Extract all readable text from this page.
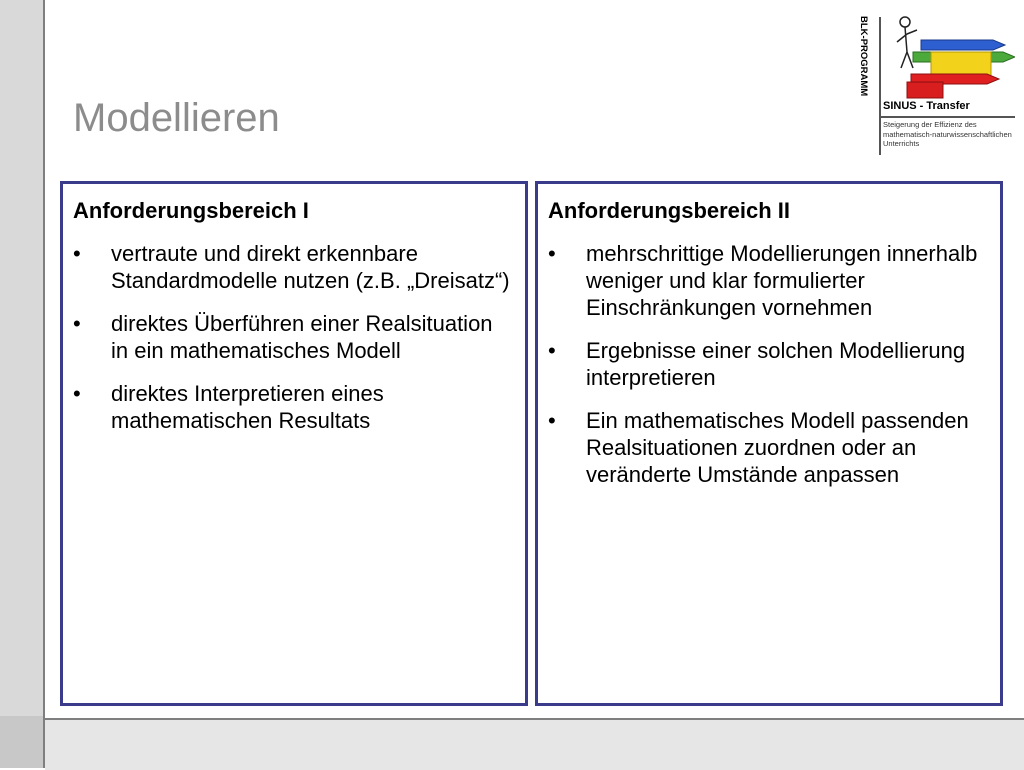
Modellieren
BLK-PROGRAMM
SINUS - Transfer
Steigerung der Effizienz des
mathematisch-naturwissenschaftlichen
Unterrichts
Anforderungsbereich I
• vertraute und direkt erkennbare Standardmodelle nutzen (z.B. „Dreisatz“)
• direktes Überführen einer Realsituation in ein mathematisches Modell
• direktes Interpretieren eines mathematischen Resultats
Anforderungsbereich II
• mehrschrittige Modellierungen innerhalb weniger und klar formulierter Einschränkungen vornehmen
• Ergebnisse einer solchen Modellierung interpretieren
• Ein mathematisches Modell passenden Realsituationen zuordnen oder an veränderte Umstände anpassen
